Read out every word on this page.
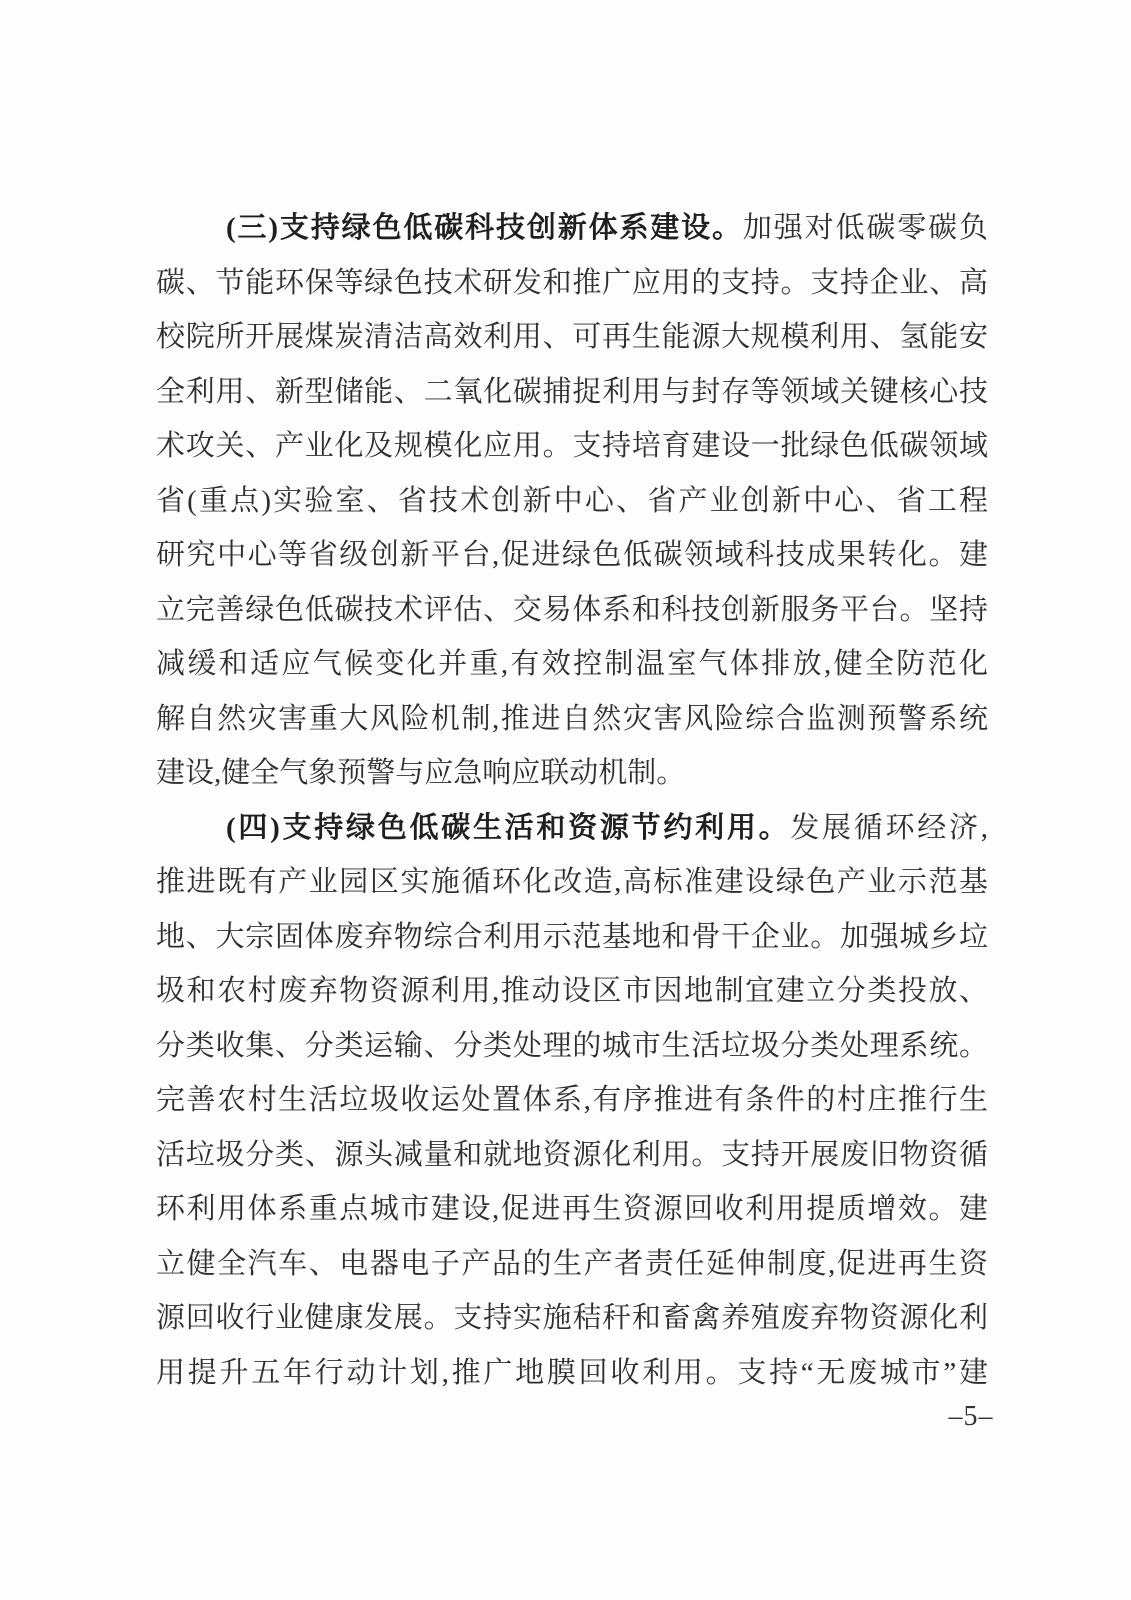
(三)支持绿色低碳科技创新体系建设。加强对低碳零碳负
碳、节能环保等绿色技术研发和推广应用的支持。支持企业、高
校院所开展煤炭清洁高效利用、可再生能源大规模利用、氢能安
全利用、新型储能、二氧化碳捕捉利用与封存等领域关键核心技
术攻关、产业化及规模化应用。支持培育建设一批绿色低碳领域
省(重点)实验室、省技术创新中心、省产业创新中心、省工程
研究中心等省级创新平台,促进绿色低碳领域科技成果转化。建
立完善绿色低碳技术评估、交易体系和科技创新服务平台。坚持
减缓和适应气候变化并重,有效控制温室气体排放,健全防范化
解自然灾害重大风险机制,推进自然灾害风险综合监测预警系统
建设,健全气象预警与应急响应联动机制。
(四)支持绿色低碳生活和资源节约利用。发展循环经济,
推进既有产业园区实施循环化改造,高标准建设绿色产业示范基
地、大宗固体废弃物综合利用示范基地和骨干企业。加强城乡垃
圾和农村废弃物资源利用,推动设区市因地制宜建立分类投放、
分类收集、分类运输、分类处理的城市生活垃圾分类处理系统。
完善农村生活垃圾收运处置体系,有序推进有条件的村庄推行生
活垃圾分类、源头减量和就地资源化利用。支持开展废旧物资循
环利用体系重点城市建设,促进再生资源回收利用提质增效。建
立健全汽车、电器电子产品的生产者责任延伸制度,促进再生资
源回收行业健康发展。支持实施秸秆和畜禽养殖废弃物资源化利
用提升五年行动计划,推广地膜回收利用。支持“无废城市”建
–5–
